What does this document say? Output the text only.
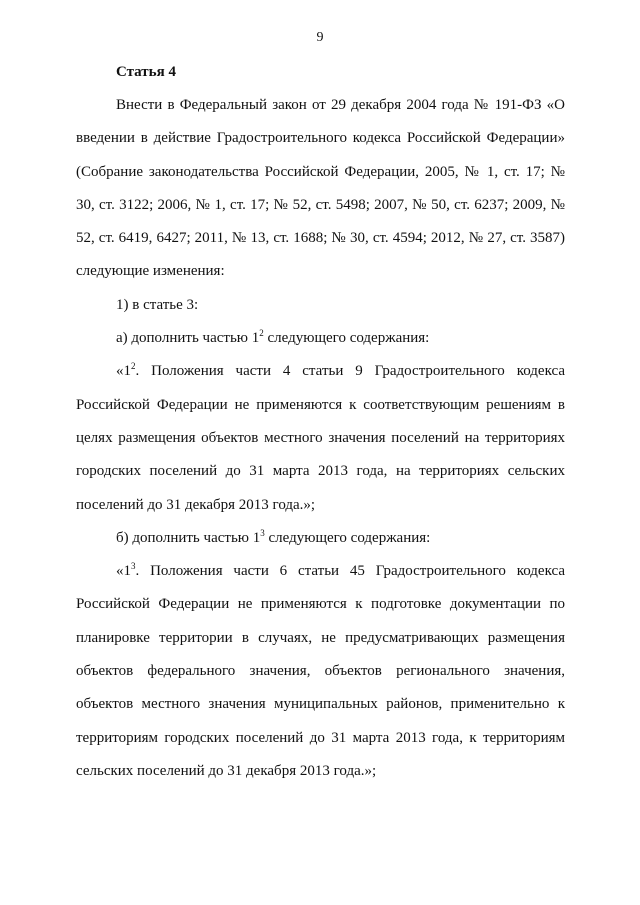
9
Статья 4

Внести в Федеральный закон от 29 декабря 2004 года № 191-ФЗ «О введении в действие Градостроительного кодекса Российской Федерации» (Собрание законодательства Российской Федерации, 2005, № 1, ст. 17; № 30, ст. 3122; 2006, № 1, ст. 17; № 52, ст. 5498; 2007, № 50, ст. 6237; 2009, № 52, ст. 6419, 6427; 2011, № 13, ст. 1688; № 30, ст. 4594; 2012, № 27, ст. 3587) следующие изменения:

1) в статье 3:

а) дополнить частью $1^2$ следующего содержания:

«$1^2$. Положения части 4 статьи 9 Градостроительного кодекса Российской Федерации не применяются к соответствующим решениям в целях размещения объектов местного значения поселений на территориях городских поселений до 31 марта 2013 года, на территориях сельских поселений до 31 декабря 2013 года.»;

б) дополнить частью $1^3$ следующего содержания:

«$1^3$. Положения части 6 статьи 45 Градостроительного кодекса Российской Федерации не применяются к подготовке документации по планировке территории в случаях, не предусматривающих размещения объектов федерального значения, объектов регионального значения, объектов местного значения муниципальных районов, применительно к территориям городских поселений до 31 марта 2013 года, к территориям сельских поселений до 31 декабря 2013 года.»;
